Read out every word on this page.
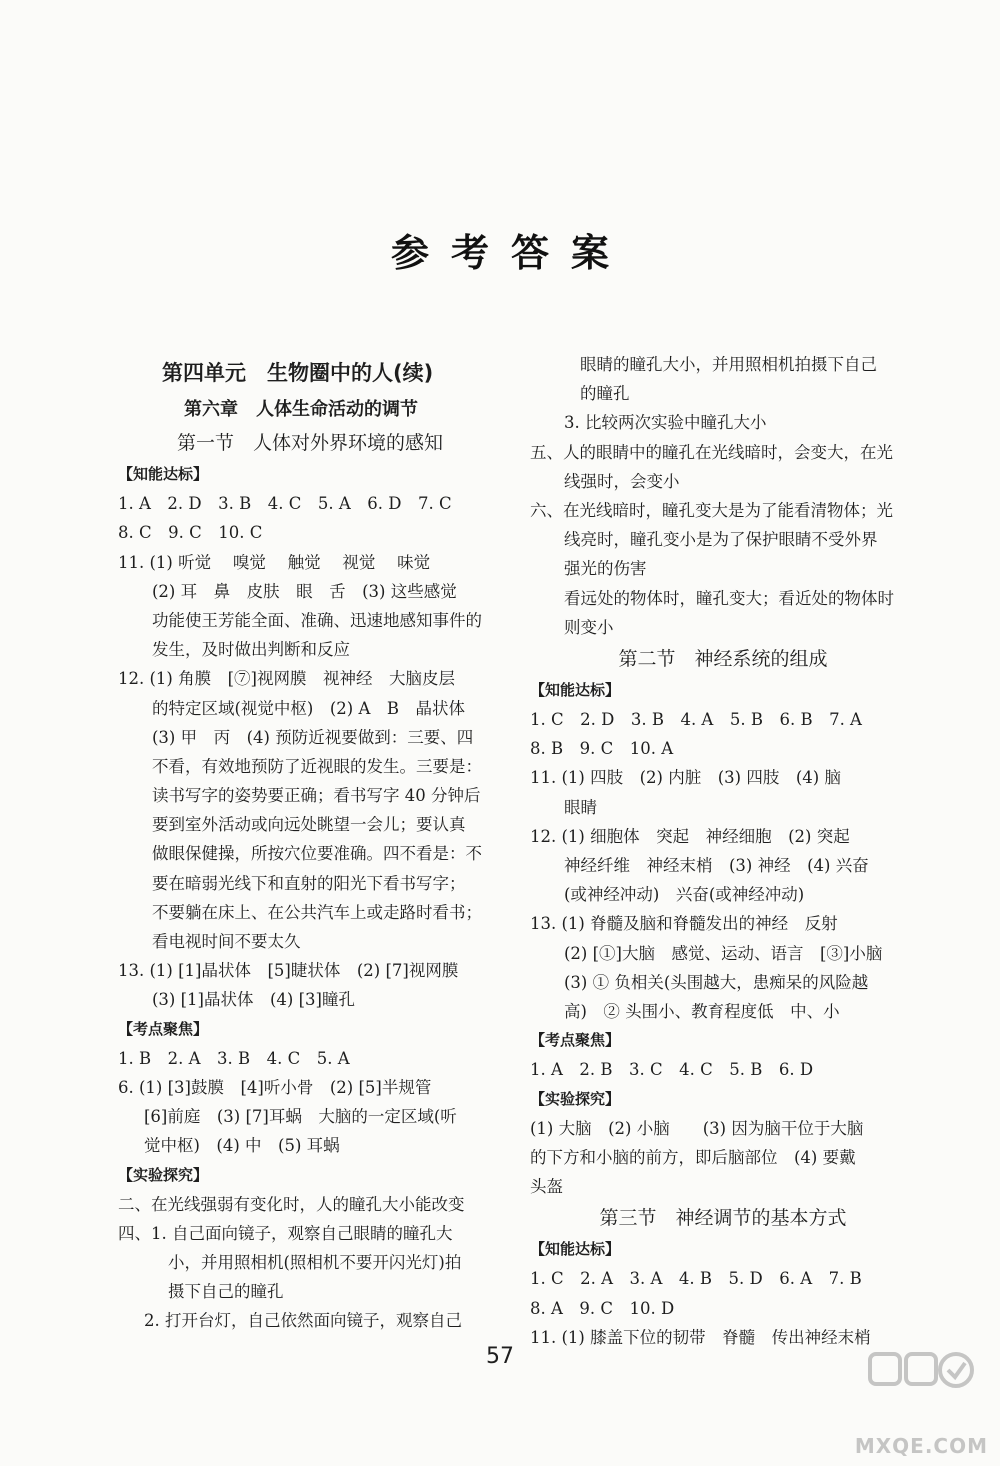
参考答案
第四单元　生物圈中的人(续)
第六章　人体生命活动的调节
第一节　人体对外界环境的感知
【知能达标】
1. A　2. D　3. B　4. C　5. A　6. D　7. C
8. C　9. C　10. C
11. (1) 听觉　 嗅觉　 触觉　 视觉　 味觉
(2) 耳　鼻　皮肤　眼　舌　(3) 这些感觉
功能使王芳能全面、准确、迅速地感知事件的
发生，及时做出判断和反应
12. (1) 角膜　[⑦]视网膜　视神经　大脑皮层
的特定区域(视觉中枢)　(2) A　B　晶状体
(3) 甲　丙　(4) 预防近视要做到：三要、四
不看，有效地预防了近视眼的发生。三要是：
读书写字的姿势要正确；看书写字 40 分钟后
要到室外活动或向远处眺望一会儿；要认真
做眼保健操，所按穴位要准确。四不看是：不
要在暗弱光线下和直射的阳光下看书写字；
不要躺在床上、在公共汽车上或走路时看书；
看电视时间不要太久
13. (1) [1]晶状体　[5]睫状体　(2) [7]视网膜
(3) [1]晶状体　(4) [3]瞳孔
【考点聚焦】
1. B　2. A　3. B　4. C　5. A
6. (1) [3]鼓膜　[4]听小骨　(2) [5]半规管
[6]前庭　(3) [7]耳蜗　大脑的一定区域(听
觉中枢)　(4) 中　(5) 耳蜗
【实验探究】
二、在光线强弱有变化时，人的瞳孔大小能改变
四、1. 自己面向镜子，观察自己眼睛的瞳孔大
小，并用照相机(照相机不要开闪光灯)拍
摄下自己的瞳孔
2. 打开台灯，自己依然面向镜子，观察自己
眼睛的瞳孔大小，并用照相机拍摄下自己
的瞳孔
3. 比较两次实验中瞳孔大小
五、人的眼睛中的瞳孔在光线暗时，会变大，在光
线强时，会变小
六、在光线暗时，瞳孔变大是为了能看清物体；光
线亮时，瞳孔变小是为了保护眼睛不受外界
强光的伤害
看远处的物体时，瞳孔变大；看近处的物体时
则变小
第二节　神经系统的组成
【知能达标】
1. C　2. D　3. B　4. A　5. B　6. B　7. A
8. B　9. C　10. A
11. (1) 四肢　(2) 内脏　(3) 四肢　(4) 脑
眼睛
12. (1) 细胞体　突起　神经细胞　(2) 突起
神经纤维　神经末梢　(3) 神经　(4) 兴奋
(或神经冲动)　兴奋(或神经冲动)
13. (1) 脊髓及脑和脊髓发出的神经　反射
(2) [①]大脑　感觉、运动、语言　[③]小脑
(3) ① 负相关(头围越大，患痴呆的风险越
高)　② 头围小、教育程度低　中、小
【考点聚焦】
1. A　2. B　3. C　4. C　5. B　6. D
【实验探究】
(1) 大脑　(2) 小脑　　(3) 因为脑干位于大脑
的下方和小脑的前方，即后脑部位　(4) 要戴
头盔
第三节　神经调节的基本方式
【知能达标】
1. C　2. A　3. A　4. B　5. D　6. A　7. B
8. A　9. C　10. D
11. (1) 膝盖下位的韧带　脊髓　传出神经末梢
57
MXQE.COM
